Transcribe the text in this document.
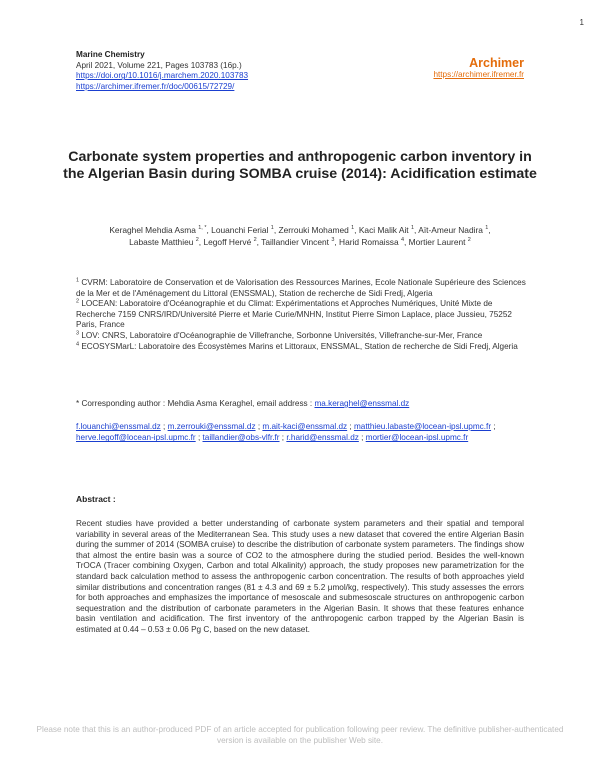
1
Marine Chemistry
April 2021, Volume 221, Pages 103783 (16p.)
https://doi.org/10.1016/j.marchem.2020.103783
https://archimer.ifremer.fr/doc/00615/72729/
Archimer
https://archimer.ifremer.fr
Carbonate system properties and anthropogenic carbon inventory in the Algerian Basin during SOMBA cruise (2014): Acidification estimate
Keraghel Mehdia Asma $^{1, *}$, Louanchi Ferial $^1$, Zerrouki Mohamed $^1$, Kaci Malik Ait $^1$, Aït-Ameur Nadira $^1$,
Labaste Matthieu $^2$, Legoff Hervé $^2$, Taillandier Vincent $^3$, Harid Romaissa $^4$, Mortier Laurent $^2$

$^1$ CVRM: Laboratoire de Conservation et de Valorisation des Ressources Marines, Ecole Nationale Supérieure des Sciences de la Mer et de l'Aménagement du Littoral (ENSSMAL), Station de recherche de Sidi Fredj, Algeria

$^2$ LOCEAN: Laboratoire d'Océanographie et du Climat: Expérimentations et Approches Numériques, Unité Mixte de Recherche 7159 CNRS/IRD/Université Pierre et Marie Curie/MNHN, Institut Pierre Simon Laplace, place Jussieu, 75252 Paris, France

$^3$ LOV: CNRS, Laboratoire d'Océanographie de Villefranche, Sorbonne Universités, Villefranche-sur-Mer, France

$^4$ ECOSYSMarL: Laboratoire des Écosystèmes Marins et Littoraux, ENSSMAL, Station de recherche de Sidi Fredj, Algeria

* Corresponding author : Mehdia Asma Keraghel, email address : ma.keraghel@enssmal.dz
f.louanchi@enssmal.dz ; m.zerrouki@enssmal.dz ; m.ait-kaci@enssmal.dz ; matthieu.labaste@locean-ipsl.upmc.fr ; herve.legoff@locean-ipsl.upmc.fr ; taillandier@obs-vlfr.fr ; r.harid@enssmal.dz ; mortier@locean-ipsl.upmc.fr
Abstract :
Recent studies have provided a better understanding of carbonate system parameters and their spatial and temporal variability in several areas of the Mediterranean Sea. This study uses a new dataset that covered the entire Algerian Basin during the summer of 2014 (SOMBA cruise) to describe the distribution of carbonate system parameters. The findings show that almost the entire basin was a source of CO2 to the atmosphere during the studied period. Besides the well-known TrOCA (Tracer combining Oxygen, Carbon and total Alkalinity) approach, the study proposes new parametrization for the standard back calculation method to assess the anthropogenic carbon concentration. The results of both approaches yield similar distributions and concentration ranges (81 ± 4.3 and 69 ± 5.2 μmol/kg, respectively). This study assesses the errors for both approaches and emphasizes the importance of mesoscale and submesoscale structures on anthropogenic carbon sequestration and the distribution of carbonate parameters in the Algerian Basin. It shows that these features enhance basin ventilation and acidification. The first inventory of the anthropogenic carbon trapped by the Algerian Basin is estimated at 0.44 – 0.53 ± 0.06 Pg C, based on the new dataset.
Please note that this is an author-produced PDF of an article accepted for publication following peer review. The definitive publisher-authenticated version is available on the publisher Web site.
